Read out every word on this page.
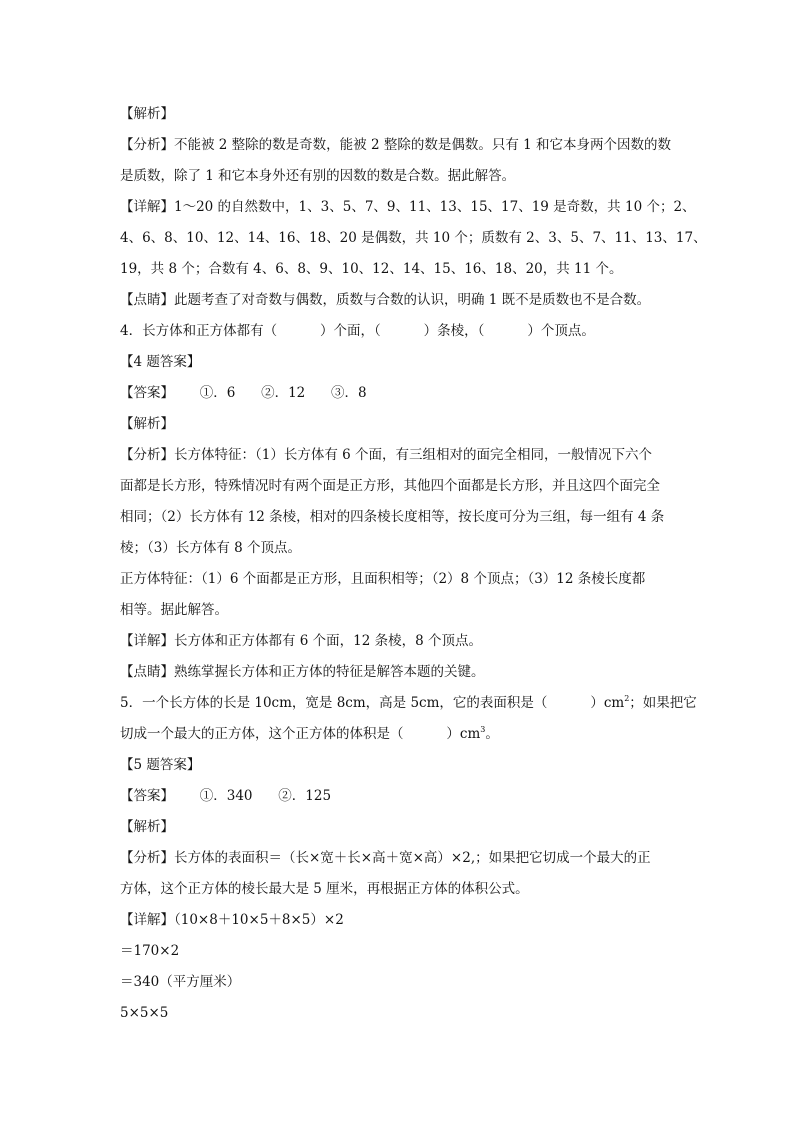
【解析】
【分析】不能被 2 整除的数是奇数，能被 2 整除的数是偶数。只有 1 和它本身两个因数的数
是质数，除了 1 和它本身外还有别的因数的数是合数。据此解答。
【详解】1～20 的自然数中，1、3、5、7、9、11、13、15、17、19 是奇数，共 10 个；2、
4、6、8、10、12、14、16、18、20 是偶数，共 10 个；质数有 2、3、5、7、11、13、17、
19，共 8 个；合数有 4、6、8、9、10、12、14、15、16、18、20，共 11 个。
【点睛】此题考查了对奇数与偶数，质数与合数的认识，明确 1 既不是质数也不是合数。
4．长方体和正方体都有（          ）个面，（          ）条棱，（          ）个顶点。
【4 题答案】
【答案】      ①．6      ②．12      ③．8
【解析】
【分析】长方体特征：（1）长方体有 6 个面，有三组相对的面完全相同，一般情况下六个
面都是长方形，特殊情况时有两个面是正方形，其他四个面都是长方形，并且这四个面完全
相同；（2）长方体有 12 条棱，相对的四条棱长度相等，按长度可分为三组，每一组有 4 条
棱；（3）长方体有 8 个顶点。
正方体特征：（1）6 个面都是正方形，且面积相等；（2）8 个顶点；（3）12 条棱长度都
相等。据此解答。
【详解】长方体和正方体都有 6 个面，12 条棱，8 个顶点。
【点睛】熟练掌握长方体和正方体的特征是解答本题的关键。
5．一个长方体的长是 10cm，宽是 8cm，高是 5cm，它的表面积是（          ）$cm^2$；如果把它
切成一个最大的正方体，这个正方体的体积是（          ）$cm^3$。
【5 题答案】
【答案】      ①．340      ②．125
【解析】
【分析】长方体的表面积＝（长×宽＋长×高＋宽×高）×2,；如果把它切成一个最大的正
方体，这个正方体的棱长最大是 5 厘米，再根据正方体的体积公式。
【详解】（10×8＋10×5＋8×5）×2
＝170×2
＝340（平方厘米）
5×5×5
